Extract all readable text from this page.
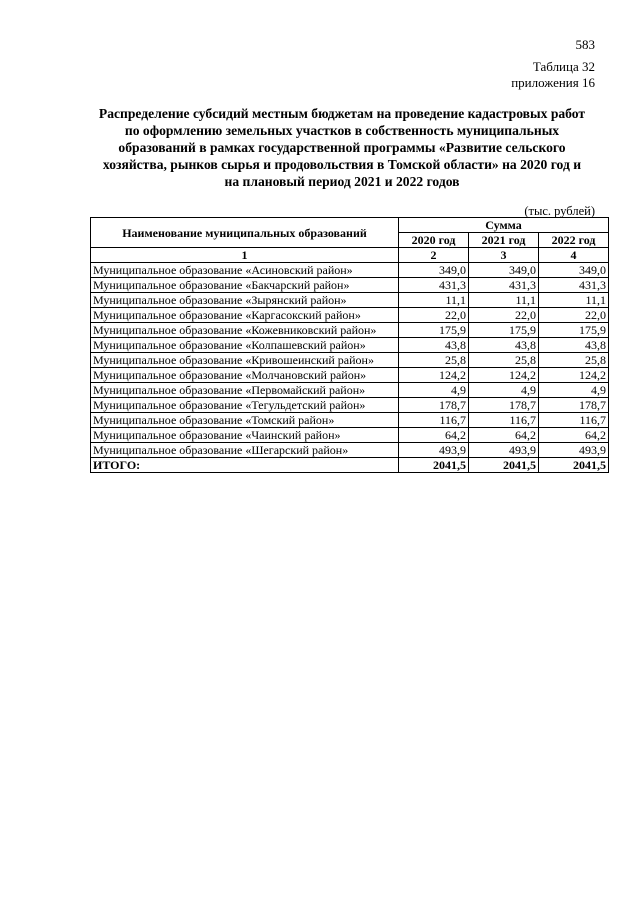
583
Таблица 32
приложения 16
Распределение субсидий местным бюджетам на проведение кадастровых работ
по оформлению земельных участков в собственность муниципальных
образований в рамках государственной программы «Развитие сельского
хозяйства, рынков сырья и продовольствия в Томской области» на 2020 год и
на плановый период 2021 и 2022 годов
(тыс. рублей)
Наименование муниципальных образований	Сумма		
	2020 год	2021 год	2022 год
1	2	3	4
Муниципальное образование «Асиновский район»	349,0	349,0	349,0
Муниципальное образование «Бакчарский район»	431,3	431,3	431,3
Муниципальное образование «Зырянский район»	11,1	11,1	11,1
Муниципальное образование «Каргасокский район»	22,0	22,0	22,0
Муниципальное образование «Кожевниковский район»	175,9	175,9	175,9
Муниципальное образование «Колпашевский район»	43,8	43,8	43,8
Муниципальное образование «Кривошеинский район»	25,8	25,8	25,8
Муниципальное образование «Молчановский район»	124,2	124,2	124,2
Муниципальное образование «Первомайский район»	4,9	4,9	4,9
Муниципальное образование «Тегульдетский район»	178,7	178,7	178,7
Муниципальное образование «Томский район»	116,7	116,7	116,7
Муниципальное образование «Чаинский район»	64,2	64,2	64,2
Муниципальное образование «Шегарский район»	493,9	493,9	493,9
ИТОГО:	2041,5	2041,5	2041,5
